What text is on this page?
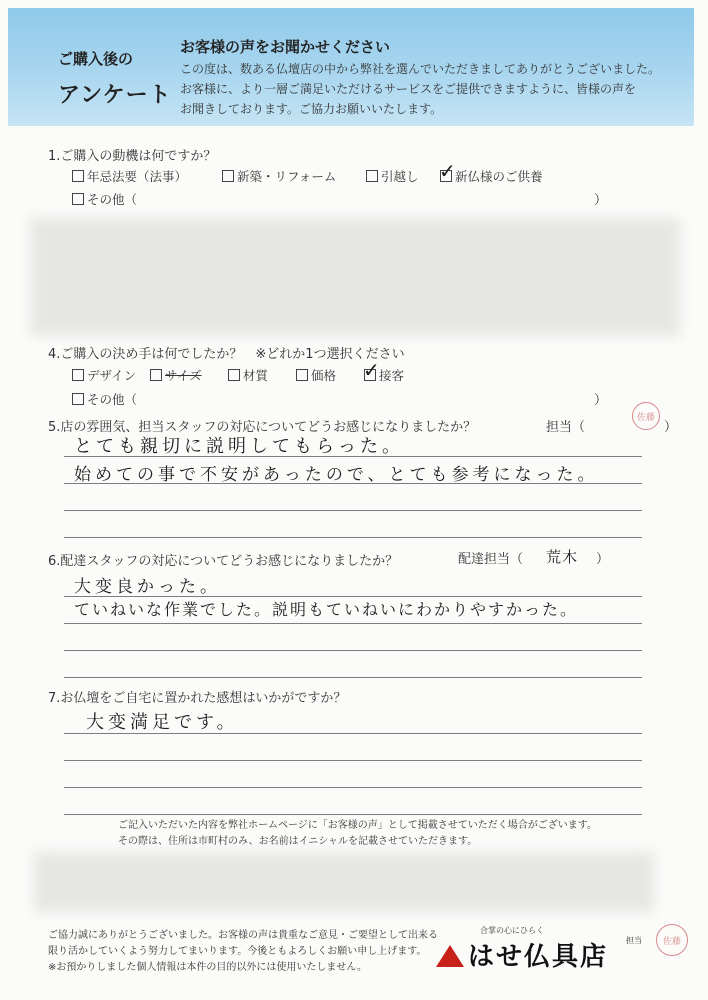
ご購入後の
アンケート
お客様の声をお聞かせください
この度は、数ある仏壇店の中から弊社を選んでいただきましてありがとうございました。
お客様に、より一層ご満足いただけるサービスをご提供できますように、皆様の声を
お聞きしております。ご協力お願いいたします。
1.ご購入の動機は何ですか？
年忌法要（法事）	新築・リフォーム	引越し ✓ 新仏様のご供養
その他（	）
4.ご購入の決め手は何でしたか？　※どれか1つ選択ください
デザイン	サイズ	材質	価格 ✓ 接客
その他（	）
5.店の雰囲気、担当スタッフの対応についてどうお感じになりましたか？	担当（
佐藤
）
とても親切に説明してもらった。
始めての事で不安があったので、とても参考になった。
6.配達スタッフの対応についてどうお感じになりましたか？	配達担当（ 荒木 ）
大变良かった。
ていねいな作業でした。説明もていねいにわかりやすかった。
7.お仏壇をご自宅に置かれた感想はいかがですか？
大变満足です。
ご記入いただいた内容を弊社ホームページに「お客様の声」として掲載させていただく場合がございます。
その際は、住所は市町村のみ、お名前はイニシャルを記載させていただきます。
ご協力誠にありがとうございました。お客様の声は貴重なご意見・ご要望として出来る
限り活かしていくよう努力してまいります。今後ともよろしくお願い申し上げます。
※お預かりしました個人情報は本件の目的以外には使用いたしません。
合掌の心にひらく
はせ仏具店
担当	佐藤
